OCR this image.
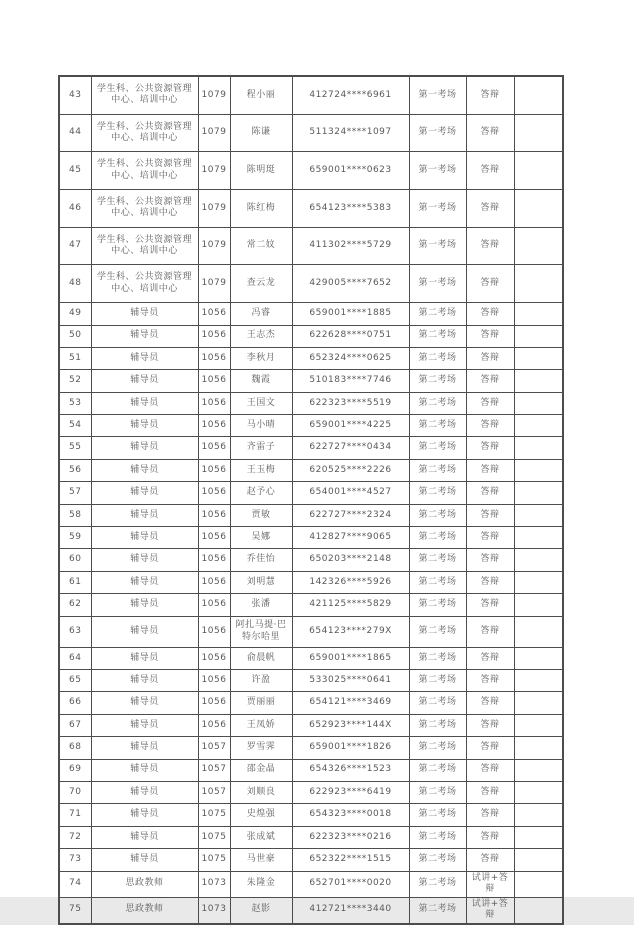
43	学生科、公共资源管理中心、培训中心	1079	程小丽	412724****6961	第一考场	答辩	
44	学生科、公共资源管理中心、培训中心	1079	陈谦	511324****1097	第一考场	答辩	
45	学生科、公共资源管理中心、培训中心	1079	陈明珽	659001****0623	第一考场	答辩	
46	学生科、公共资源管理中心、培训中心	1079	陈红梅	654123****5383	第一考场	答辩	
47	学生科、公共资源管理中心、培训中心	1079	常二妏	411302****5729	第一考场	答辩	
48	学生科、公共资源管理中心、培训中心	1079	查云龙	429005****7652	第一考场	答辩	
49	辅导员	1056	冯睿	659001****1885	第二考场	答辩	
50	辅导员	1056	王志杰	622628****0751	第二考场	答辩	
51	辅导员	1056	李秋月	652324****0625	第二考场	答辩	
52	辅导员	1056	魏霞	510183****7746	第二考场	答辩	
53	辅导员	1056	王国文	622323****5519	第二考场	答辩	
54	辅导员	1056	马小晴	659001****4225	第二考场	答辩	
55	辅导员	1056	齐雷子	622727****0434	第二考场	答辩	
56	辅导员	1056	王玉梅	620525****2226	第二考场	答辩	
57	辅导员	1056	赵予心	654001****4527	第二考场	答辩	
58	辅导员	1056	贾敏	622727****2324	第二考场	答辩	
59	辅导员	1056	吴娜	412827****9065	第二考场	答辩	
60	辅导员	1056	乔佳怡	650203****2148	第二考场	答辩	
61	辅导员	1056	刘明慧	142326****5926	第二考场	答辩	
62	辅导员	1056	张潘	421125****5829	第二考场	答辩	
63	辅导员	1056	阿扎马提·巴特尔哈里	654123****279X	第二考场	答辩	
64	辅导员	1056	俞晨帆	659001****1865	第二考场	答辩	
65	辅导员	1056	许盈	533025****0641	第二考场	答辩	
66	辅导员	1056	贾丽丽	654121****3469	第二考场	答辩	
67	辅导员	1056	王凤娇	652923****144X	第二考场	答辩	
68	辅导员	1057	罗雪霁	659001****1826	第二考场	答辩	
69	辅导员	1057	邵金晶	654326****1523	第二考场	答辩	
70	辅导员	1057	刘顺良	622923****6419	第二考场	答辩	
71	辅导员	1075	史煌强	654323****0018	第二考场	答辩	
72	辅导员	1075	张成斌	622323****0216	第二考场	答辩	
73	辅导员	1075	马世豪	652322****1515	第二考场	答辩	
74	思政教师	1073	朱隆金	652701****0020	第二考场	试讲+答辩	
75	思政教师	1073	赵影	412721****3440	第二考场	试讲+答辩	
